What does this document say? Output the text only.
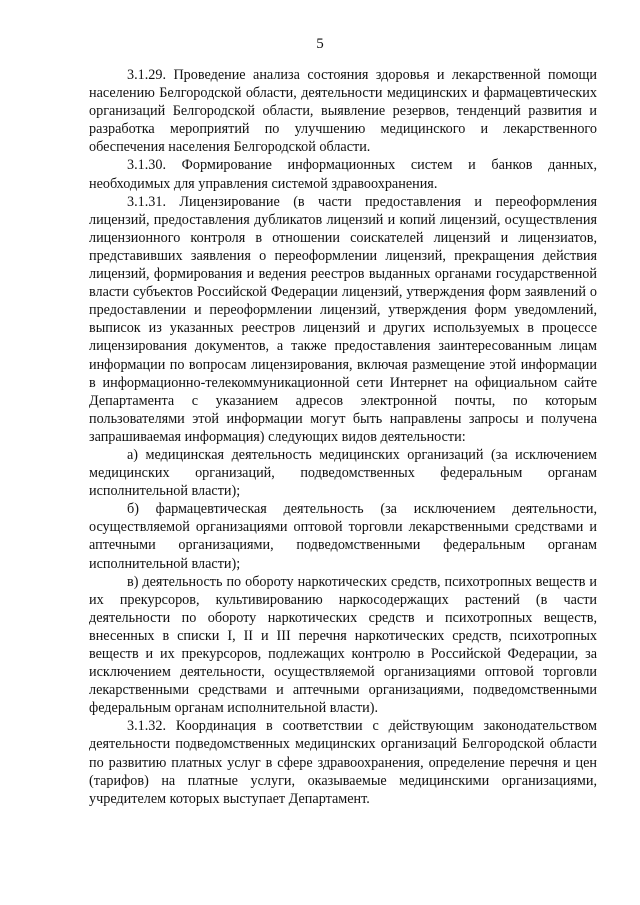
5

3.1.29. Проведение анализа состояния здоровья и лекарственной помощи населению Белгородской области, деятельности медицинских и фармацевтических организаций Белгородской области, выявление резервов, тенденций развития и разработка мероприятий по улучшению медицинского и лекарственного обеспечения населения Белгородской области.

3.1.30. Формирование информационных систем и банков данных, необходимых для управления системой здравоохранения.

3.1.31. Лицензирование (в части предоставления и переоформления лицензий, предоставления дубликатов лицензий и копий лицензий, осуществления лицензионного контроля в отношении соискателей лицензий и лицензиатов, представивших заявления о переоформлении лицензий, прекращения действия лицензий, формирования и ведения реестров выданных органами государственной власти субъектов Российской Федерации лицензий, утверждения форм заявлений о предоставлении и переоформлении лицензий, утверждения форм уведомлений, выписок из указанных реестров лицензий и других используемых в процессе лицензирования документов, а также предоставления заинтересованным лицам информации по вопросам лицензирования, включая размещение этой информации в информационно-телекоммуникационной сети Интернет на официальном сайте Департамента с указанием адресов электронной почты, по которым пользователями этой информации могут быть направлены запросы и получена запрашиваемая информация) следующих видов деятельности:

а) медицинская деятельность медицинских организаций (за исключением медицинских организаций, подведомственных федеральным органам исполнительной власти);

б) фармацевтическая деятельность (за исключением деятельности, осуществляемой организациями оптовой торговли лекарственными средствами и аптечными организациями, подведомственными федеральным органам исполнительной власти);

в) деятельность по обороту наркотических средств, психотропных веществ и их прекурсоров, культивированию наркосодержащих растений (в части деятельности по обороту наркотических средств и психотропных веществ, внесенных в списки I, II и III перечня наркотических средств, психотропных веществ и их прекурсоров, подлежащих контролю в Российской Федерации, за исключением деятельности, осуществляемой организациями оптовой торговли лекарственными средствами и аптечными организациями, подведомственными федеральным органам исполнительной власти).

3.1.32. Координация в соответствии с действующим законодательством деятельности подведомственных медицинских организаций Белгородской области по развитию платных услуг в сфере здравоохранения, определение перечня и цен (тарифов) на платные услуги, оказываемые медицинскими организациями, учредителем которых выступает Департамент.
